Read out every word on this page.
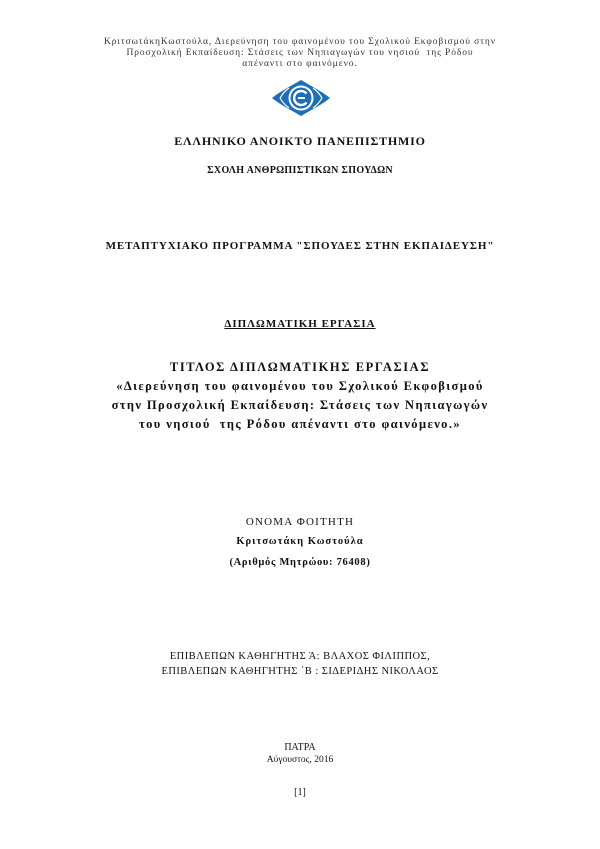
ΚριτσωτάκηΚωστούλα, Διερεύνηση του φαινομένου του Σχολικού Εκφοβισμού στην
Προσχολική Εκπαίδευση: Στάσεις των Νηπιαγωγών του νησιού  της Ρόδου
απέναντι στο φαινόμενο.
ΕΛΛΗΝΙΚΟ ΑΝΟΙΚΤΟ ΠΑΝΕΠΙΣΤΗΜΙΟ
ΣΧΟΛΗ ΑΝΘΡΩΠΙΣΤΙΚΩΝ ΣΠΟΥΔΩΝ
ΜΕΤΑΠΤΥΧΙΑΚΟ ΠΡΟΓΡΑΜΜΑ "ΣΠΟΥΔΕΣ ΣΤΗΝ ΕΚΠΑΙΔΕΥΣΗ"
ΔΙΠΛΩΜΑΤΙΚΗ ΕΡΓΑΣΙΑ
ΤΙΤΛΟΣ ΔΙΠΛΩΜΑΤΙΚΗΣ ΕΡΓΑΣΙΑΣ
«Διερεύνηση του φαινομένου του Σχολικού Εκφοβισμού
στην Προσχολική Εκπαίδευση: Στάσεις των Νηπιαγωγών
του νησιού  της Ρόδου απέναντι στο φαινόμενο.»
ΟΝΟΜΑ ΦΟΙΤΗΤΗ
Κριτσωτάκη Κωστούλα
(Αριθμός Μητρώου: 76408)
ΕΠΙΒΛΕΠΩΝ ΚΑΘΗΓΗΤΗΣ Ά: ΒΛΑΧΟΣ ΦΙΛΙΠΠΟΣ,
ΕΠΙΒΛΕΠΩΝ ΚΑΘΗΓΗΤΗΣ ΄Β : ΣΙΔΕΡΙΔΗΣ ΝΙΚΟΛΑΟΣ
ΠΑΤΡΑ
Αύγουστος, 2016
[1]
